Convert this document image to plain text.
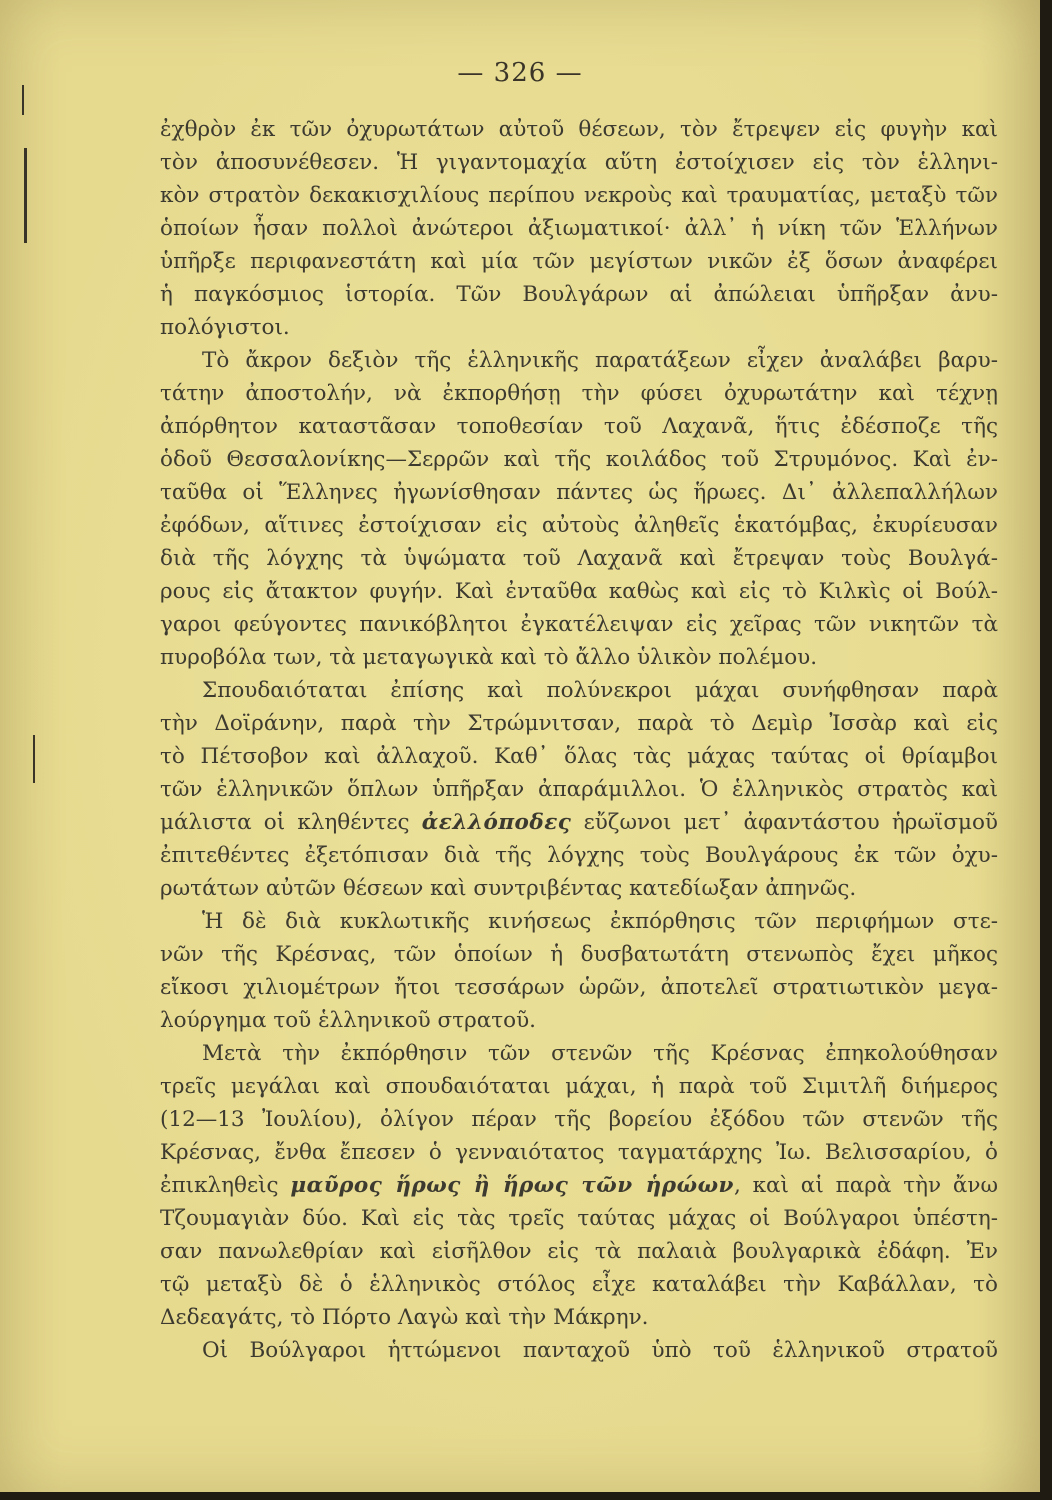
— 326 —
ἐχθρὸν ἐκ τῶν ὀχυρωτάτων αὐτοῦ θέσεων, τὸν ἔτρεψεν εἰς φυγὴν καὶ
τὸν ἀποσυνέθεσεν. Ἡ γιγαντομαχία αὕτη ἐστοίχισεν εἰς τὸν ἑλληνι-
κὸν στρατὸν δεκακισχιλίους περίπου νεκροὺς καὶ τραυματίας, μεταξὺ τῶν
ὁποίων ἦσαν πολλοὶ ἀνώτεροι ἀξιωματικοί· ἀλλ᾽ ἡ νίκη τῶν Ἑλλήνων
ὑπῆρξε περιφανεστάτη καὶ μία τῶν μεγίστων νικῶν ἐξ ὅσων ἀναφέρει
ἡ παγκόσμιος ἱστορία. Τῶν Βουλγάρων αἱ ἀπώλειαι ὑπῆρξαν ἀνυ-
πολόγιστοι.
Τὸ ἄκρον δεξιὸν τῆς ἑλληνικῆς παρατάξεων εἶχεν ἀναλάβει βαρυ-
τάτην ἀποστολήν, νὰ ἐκπορθήσῃ τὴν φύσει ὀχυρωτάτην καὶ τέχνῃ
ἀπόρθητον καταστᾶσαν τοποθεσίαν τοῦ Λαχανᾶ, ἥτις ἐδέσποζε τῆς
ὁδοῦ Θεσσαλονίκης—Σερρῶν καὶ τῆς κοιλάδος τοῦ Στρυμόνος. Καὶ ἐν-
ταῦθα οἱ Ἕλληνες ἠγωνίσθησαν πάντες ὡς ἥρωες. Δι᾽ ἀλλεπαλλήλων
ἐφόδων, αἵτινες ἐστοίχισαν εἰς αὐτοὺς ἀληθεῖς ἑκατόμβας, ἐκυρίευσαν
διὰ τῆς λόγχης τὰ ὑψώματα τοῦ Λαχανᾶ καὶ ἔτρεψαν τοὺς Βουλγά-
ρους εἰς ἄτακτον φυγήν. Καὶ ἐνταῦθα καθὼς καὶ εἰς τὸ Κιλκὶς οἱ Βούλ-
γαροι φεύγοντες πανικόβλητοι ἐγκατέλειψαν εἰς χεῖρας τῶν νικητῶν τὰ
πυροβόλα των, τὰ μεταγωγικὰ καὶ τὸ ἄλλο ὑλικὸν πολέμου.
Σπουδαιόταται ἐπίσης καὶ πολύνεκροι μάχαι συνήφθησαν παρὰ
τὴν Δοϊράνην, παρὰ τὴν Στρώμνιτσαν, παρὰ τὸ Δεμὶρ Ἰσσὰρ καὶ εἰς
τὸ Πέτσοβον καὶ ἀλλαχοῦ. Καθ᾽ ὅλας τὰς μάχας ταύτας οἱ θρίαμβοι
τῶν ἑλληνικῶν ὅπλων ὑπῆρξαν ἀπαράμιλλοι. Ὁ ἑλληνικὸς στρατὸς καὶ
μάλιστα οἱ κληθέντες ἀελλόποδες εὔζωνοι μετ᾽ ἀφαντάστου ἡρωϊσμοῦ
ἐπιτεθέντες ἐξετόπισαν διὰ τῆς λόγχης τοὺς Βουλγάρους ἐκ τῶν ὀχυ-
ρωτάτων αὐτῶν θέσεων καὶ συντριβέντας κατεδίωξαν ἀπηνῶς.
Ἡ δὲ διὰ κυκλωτικῆς κινήσεως ἐκπόρθησις τῶν περιφήμων στε-
νῶν τῆς Κρέσνας, τῶν ὁποίων ἡ δυσβατωτάτη στενωπὸς ἔχει μῆκος
εἴκοσι χιλιομέτρων ἤτοι τεσσάρων ὡρῶν, ἀποτελεῖ στρατιωτικὸν μεγα-
λούργημα τοῦ ἑλληνικοῦ στρατοῦ.
Μετὰ τὴν ἐκπόρθησιν τῶν στενῶν τῆς Κρέσνας ἐπηκολούθησαν
τρεῖς μεγάλαι καὶ σπουδαιόταται μάχαι, ἡ παρὰ τοῦ Σιμιτλῆ διήμερος
(12—13 Ἰουλίου), ὀλίγον πέραν τῆς βορείου ἐξόδου τῶν στενῶν τῆς
Κρέσνας, ἔνθα ἔπεσεν ὁ γενναιότατος ταγματάρχης Ἰω. Βελισσαρίου, ὁ
ἐπικληθεὶς μαῦρος ἥρως ἢ ἥρως τῶν ἡρώων, καὶ αἱ παρὰ τὴν ἄνω
Τζουμαγιὰν δύο. Καὶ εἰς τὰς τρεῖς ταύτας μάχας οἱ Βούλγαροι ὑπέστη-
σαν πανωλεθρίαν καὶ εἰσῆλθον εἰς τὰ παλαιὰ βουλγαρικὰ ἐδάφη. Ἐν
τῷ μεταξὺ δὲ ὁ ἑλληνικὸς στόλος εἶχε καταλάβει τὴν Καβάλλαν, τὸ
Δεδεαγάτς, τὸ Πόρτο Λαγὼ καὶ τὴν Μάκρην.
Οἱ Βούλγαροι ἡττώμενοι πανταχοῦ ὑπὸ τοῦ ἑλληνικοῦ στρατοῦ
